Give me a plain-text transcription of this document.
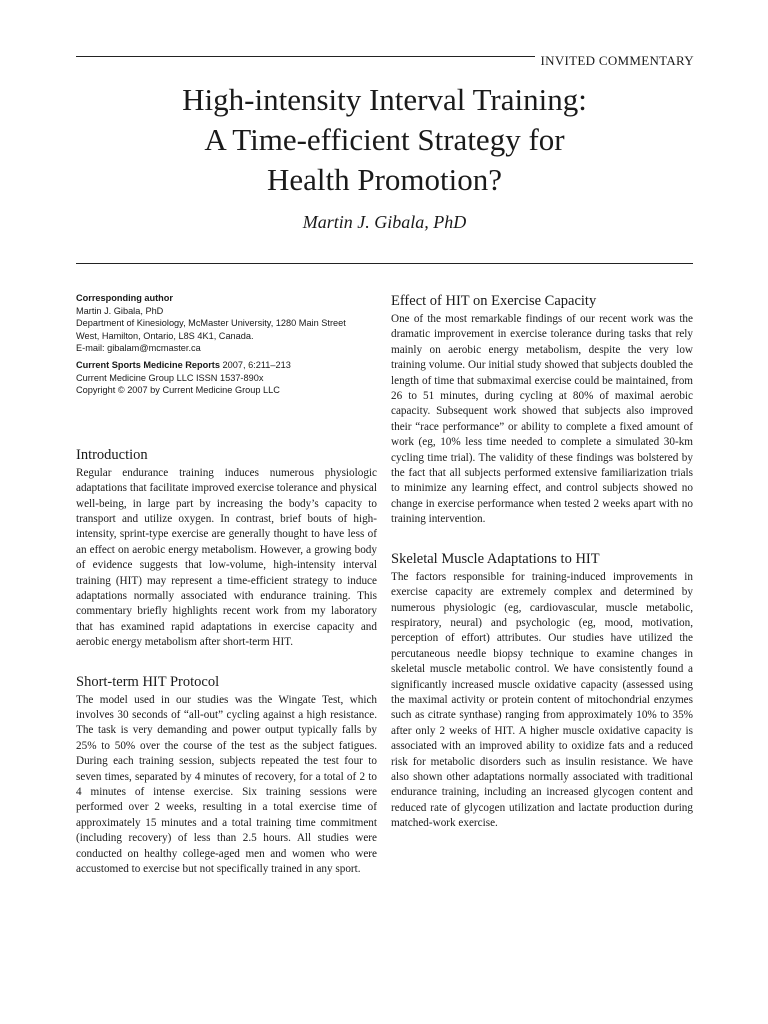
INVITED COMMENTARY
High-intensity Interval Training:
A Time-efficient Strategy for
Health Promotion?
Martin J. Gibala, PhD
Corresponding author
Martin J. Gibala, PhD
Department of Kinesiology, McMaster University, 1280 Main Street
West, Hamilton, Ontario, L8S 4K1, Canada.
E-mail: gibalam@mcmaster.ca
Current Sports Medicine Reports 2007, 6:211–213
Current Medicine Group LLC ISSN 1537-890x
Copyright © 2007 by Current Medicine Group LLC
Introduction

Regular endurance training induces numerous physiologic adaptations that facilitate improved exercise tolerance and physical well-being, in large part by increasing the body’s capacity to transport and utilize oxygen. In contrast, brief bouts of high-intensity, sprint-type exercise are generally thought to have less of an effect on aerobic energy metabolism. However, a growing body of evidence suggests that low-volume, high-intensity interval training (HIT) may represent a time-efficient strategy to induce adaptations normally associated with endurance training. This commentary briefly highlights recent work from my laboratory that has examined rapid adaptations in exercise capacity and aerobic energy metabolism after short-term HIT.

Short-term HIT Protocol

The model used in our studies was the Wingate Test, which involves 30 seconds of “all-out” cycling against a high resistance. The task is very demanding and power output typically falls by 25% to 50% over the course of the test as the subject fatigues. During each training session, subjects repeated the test four to seven times, separated by 4 minutes of recovery, for a total of 2 to 4 minutes of intense exercise. Six training sessions were performed over 2 weeks, resulting in a total exercise time of approximately 15 minutes and a total training time commitment (including recovery) of less than 2.5 hours. All studies were conducted on healthy college-aged men and women who were accustomed to exercise but not specifically trained in any sport.

Effect of HIT on Exercise Capacity

One of the most remarkable findings of our recent work was the dramatic improvement in exercise tolerance during tasks that rely mainly on aerobic energy metabolism, despite the very low training volume. Our initial study showed that subjects doubled the length of time that submaximal exercise could be maintained, from 26 to 51 minutes, during cycling at 80% of maximal aerobic capacity. Subsequent work showed that subjects also improved their “race performance” or ability to complete a fixed amount of work (eg, 10% less time needed to complete a simulated 30-km cycling time trial). The validity of these findings was bolstered by the fact that all subjects performed extensive familiarization trials to minimize any learning effect, and control subjects showed no change in exercise performance when tested 2 weeks apart with no training intervention.

Skeletal Muscle Adaptations to HIT

The factors responsible for training-induced improvements in exercise capacity are extremely complex and determined by numerous physiologic (eg, cardiovascular, muscle metabolic, respiratory, neural) and psychologic (eg, mood, motivation, perception of effort) attributes. Our studies have utilized the percutaneous needle biopsy technique to examine changes in skeletal muscle metabolic control. We have consistently found a significantly increased muscle oxidative capacity (assessed using the maximal activity or protein content of mitochondrial enzymes such as citrate synthase) ranging from approximately 10% to 35% after only 2 weeks of HIT. A higher muscle oxidative capacity is associated with an improved ability to oxidize fats and a reduced risk for metabolic disorders such as insulin resistance. We have also shown other adaptations normally associated with traditional endurance training, including an increased glycogen content and reduced rate of glycogen utilization and lactate production during matched-work exercise.
